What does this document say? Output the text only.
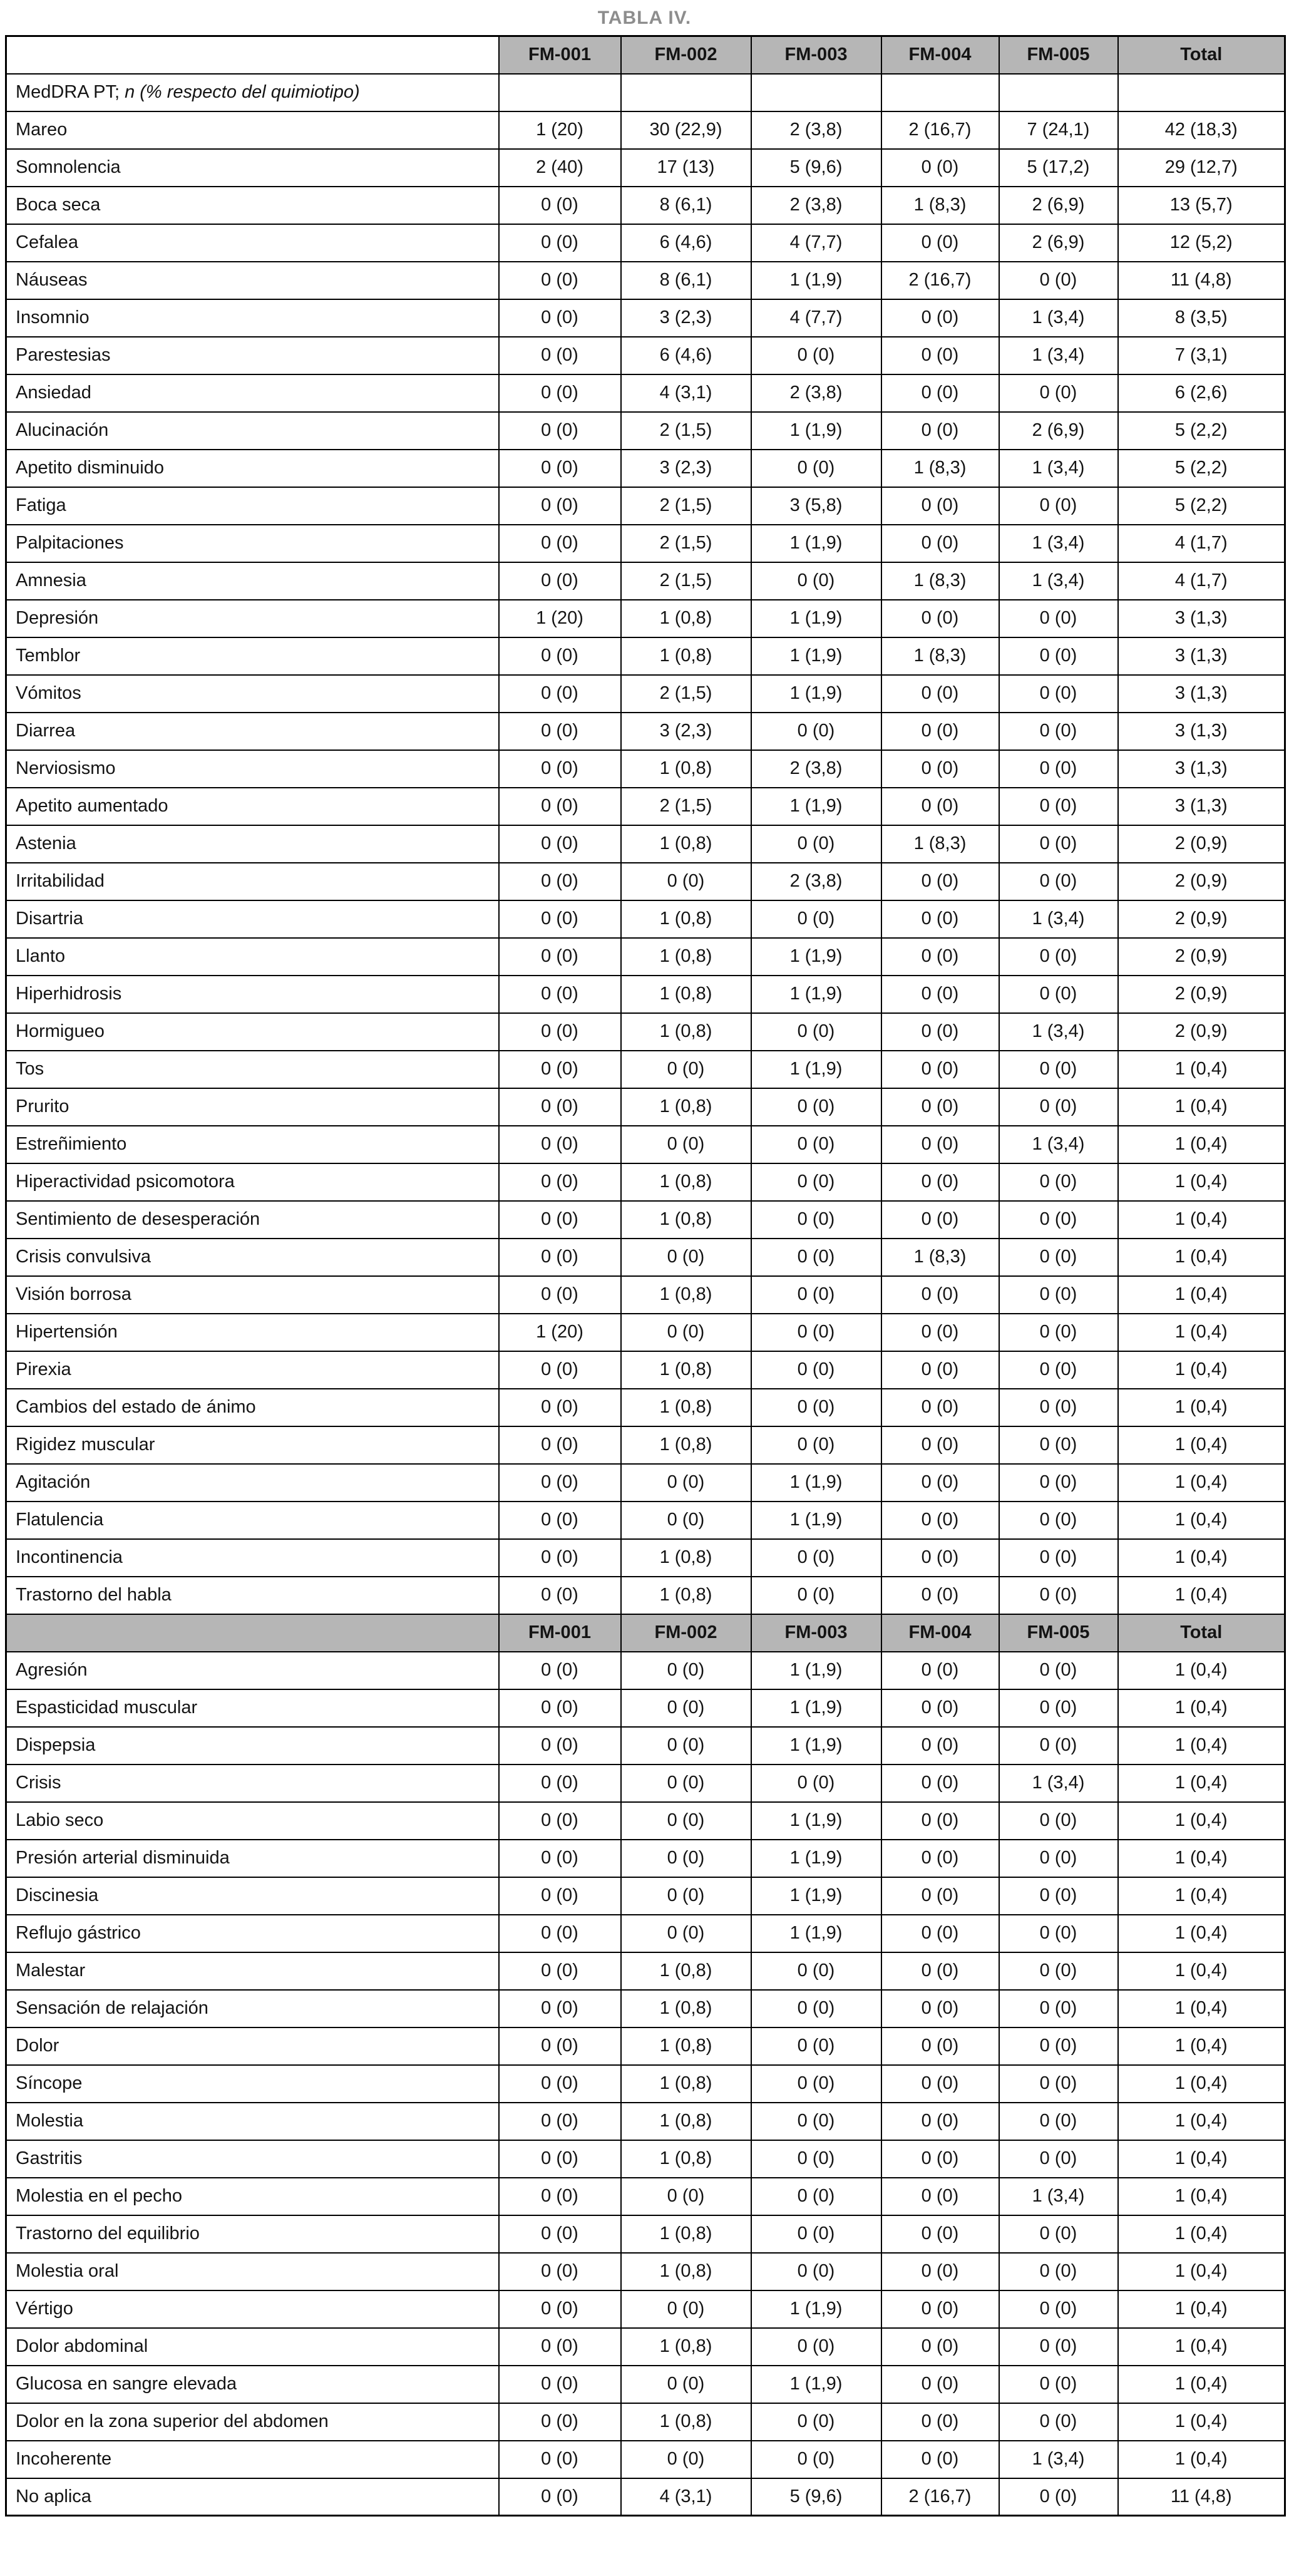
TABLA IV.
	FM-001	FM-002	FM-003	FM-004	FM-005	Total
MedDRA PT; n (% respecto del quimiotipo)						
Mareo	1 (20)	30 (22,9)	2 (3,8)	2 (16,7)	7 (24,1)	42 (18,3)
Somnolencia	2 (40)	17 (13)	5 (9,6)	0 (0)	5 (17,2)	29 (12,7)
Boca seca	0 (0)	8 (6,1)	2 (3,8)	1 (8,3)	2 (6,9)	13 (5,7)
Cefalea	0 (0)	6 (4,6)	4 (7,7)	0 (0)	2 (6,9)	12 (5,2)
Náuseas	0 (0)	8 (6,1)	1 (1,9)	2 (16,7)	0 (0)	11 (4,8)
Insomnio	0 (0)	3 (2,3)	4 (7,7)	0 (0)	1 (3,4)	8 (3,5)
Parestesias	0 (0)	6 (4,6)	0 (0)	0 (0)	1 (3,4)	7 (3,1)
Ansiedad	0 (0)	4 (3,1)	2 (3,8)	0 (0)	0 (0)	6 (2,6)
Alucinación	0 (0)	2 (1,5)	1 (1,9)	0 (0)	2 (6,9)	5 (2,2)
Apetito disminuido	0 (0)	3 (2,3)	0 (0)	1 (8,3)	1 (3,4)	5 (2,2)
Fatiga	0 (0)	2 (1,5)	3 (5,8)	0 (0)	0 (0)	5 (2,2)
Palpitaciones	0 (0)	2 (1,5)	1 (1,9)	0 (0)	1 (3,4)	4 (1,7)
Amnesia	0 (0)	2 (1,5)	0 (0)	1 (8,3)	1 (3,4)	4 (1,7)
Depresión	1 (20)	1 (0,8)	1 (1,9)	0 (0)	0 (0)	3 (1,3)
Temblor	0 (0)	1 (0,8)	1 (1,9)	1 (8,3)	0 (0)	3 (1,3)
Vómitos	0 (0)	2 (1,5)	1 (1,9)	0 (0)	0 (0)	3 (1,3)
Diarrea	0 (0)	3 (2,3)	0 (0)	0 (0)	0 (0)	3 (1,3)
Nerviosismo	0 (0)	1 (0,8)	2 (3,8)	0 (0)	0 (0)	3 (1,3)
Apetito aumentado	0 (0)	2 (1,5)	1 (1,9)	0 (0)	0 (0)	3 (1,3)
Astenia	0 (0)	1 (0,8)	0 (0)	1 (8,3)	0 (0)	2 (0,9)
Irritabilidad	0 (0)	0 (0)	2 (3,8)	0 (0)	0 (0)	2 (0,9)
Disartria	0 (0)	1 (0,8)	0 (0)	0 (0)	1 (3,4)	2 (0,9)
Llanto	0 (0)	1 (0,8)	1 (1,9)	0 (0)	0 (0)	2 (0,9)
Hiperhidrosis	0 (0)	1 (0,8)	1 (1,9)	0 (0)	0 (0)	2 (0,9)
Hormigueo	0 (0)	1 (0,8)	0 (0)	0 (0)	1 (3,4)	2 (0,9)
Tos	0 (0)	0 (0)	1 (1,9)	0 (0)	0 (0)	1 (0,4)
Prurito	0 (0)	1 (0,8)	0 (0)	0 (0)	0 (0)	1 (0,4)
Estreñimiento	0 (0)	0 (0)	0 (0)	0 (0)	1 (3,4)	1 (0,4)
Hiperactividad psicomotora	0 (0)	1 (0,8)	0 (0)	0 (0)	0 (0)	1 (0,4)
Sentimiento de desesperación	0 (0)	1 (0,8)	0 (0)	0 (0)	0 (0)	1 (0,4)
Crisis convulsiva	0 (0)	0 (0)	0 (0)	1 (8,3)	0 (0)	1 (0,4)
Visión borrosa	0 (0)	1 (0,8)	0 (0)	0 (0)	0 (0)	1 (0,4)
Hipertensión	1 (20)	0 (0)	0 (0)	0 (0)	0 (0)	1 (0,4)
Pirexia	0 (0)	1 (0,8)	0 (0)	0 (0)	0 (0)	1 (0,4)
Cambios del estado de ánimo	0 (0)	1 (0,8)	0 (0)	0 (0)	0 (0)	1 (0,4)
Rigidez muscular	0 (0)	1 (0,8)	0 (0)	0 (0)	0 (0)	1 (0,4)
Agitación	0 (0)	0 (0)	1 (1,9)	0 (0)	0 (0)	1 (0,4)
Flatulencia	0 (0)	0 (0)	1 (1,9)	0 (0)	0 (0)	1 (0,4)
Incontinencia	0 (0)	1 (0,8)	0 (0)	0 (0)	0 (0)	1 (0,4)
Trastorno del habla	0 (0)	1 (0,8)	0 (0)	0 (0)	0 (0)	1 (0,4)
	FM-001	FM-002	FM-003	FM-004	FM-005	Total
Agresión	0 (0)	0 (0)	1 (1,9)	0 (0)	0 (0)	1 (0,4)
Espasticidad muscular	0 (0)	0 (0)	1 (1,9)	0 (0)	0 (0)	1 (0,4)
Dispepsia	0 (0)	0 (0)	1 (1,9)	0 (0)	0 (0)	1 (0,4)
Crisis	0 (0)	0 (0)	0 (0)	0 (0)	1 (3,4)	1 (0,4)
Labio seco	0 (0)	0 (0)	1 (1,9)	0 (0)	0 (0)	1 (0,4)
Presión arterial disminuida	0 (0)	0 (0)	1 (1,9)	0 (0)	0 (0)	1 (0,4)
Discinesia	0 (0)	0 (0)	1 (1,9)	0 (0)	0 (0)	1 (0,4)
Reflujo gástrico	0 (0)	0 (0)	1 (1,9)	0 (0)	0 (0)	1 (0,4)
Malestar	0 (0)	1 (0,8)	0 (0)	0 (0)	0 (0)	1 (0,4)
Sensación de relajación	0 (0)	1 (0,8)	0 (0)	0 (0)	0 (0)	1 (0,4)
Dolor	0 (0)	1 (0,8)	0 (0)	0 (0)	0 (0)	1 (0,4)
Síncope	0 (0)	1 (0,8)	0 (0)	0 (0)	0 (0)	1 (0,4)
Molestia	0 (0)	1 (0,8)	0 (0)	0 (0)	0 (0)	1 (0,4)
Gastritis	0 (0)	1 (0,8)	0 (0)	0 (0)	0 (0)	1 (0,4)
Molestia en el pecho	0 (0)	0 (0)	0 (0)	0 (0)	1 (3,4)	1 (0,4)
Trastorno del equilibrio	0 (0)	1 (0,8)	0 (0)	0 (0)	0 (0)	1 (0,4)
Molestia oral	0 (0)	1 (0,8)	0 (0)	0 (0)	0 (0)	1 (0,4)
Vértigo	0 (0)	0 (0)	1 (1,9)	0 (0)	0 (0)	1 (0,4)
Dolor abdominal	0 (0)	1 (0,8)	0 (0)	0 (0)	0 (0)	1 (0,4)
Glucosa en sangre elevada	0 (0)	0 (0)	1 (1,9)	0 (0)	0 (0)	1 (0,4)
Dolor en la zona superior del abdomen	0 (0)	1 (0,8)	0 (0)	0 (0)	0 (0)	1 (0,4)
Incoherente	0 (0)	0 (0)	0 (0)	0 (0)	1 (3,4)	1 (0,4)
No aplica	0 (0)	4 (3,1)	5 (9,6)	2 (16,7)	0 (0)	11 (4,8)
